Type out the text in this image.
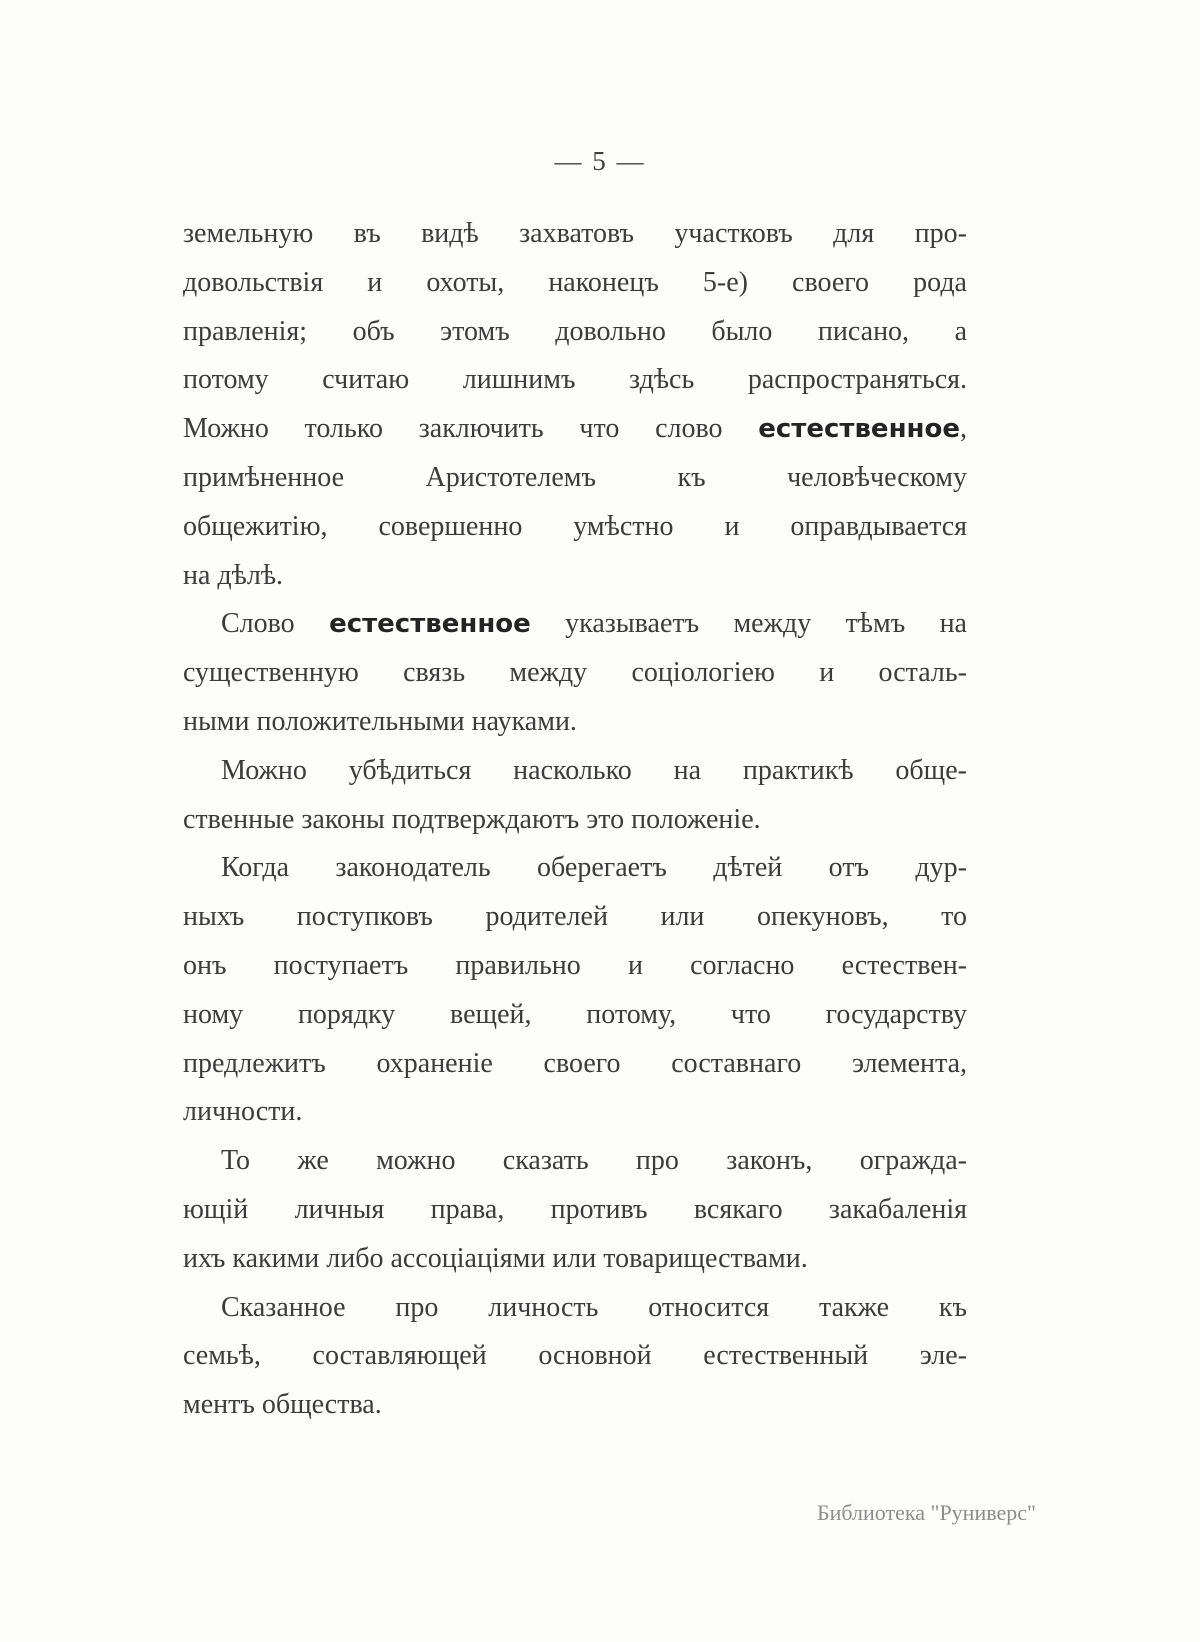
— 5 —
земельную въ видѣ захватовъ участковъ для про-
довольствія и охоты, наконецъ 5-е) своего рода
правленія; объ этомъ довольно было писано, а
потому считаю лишнимъ здѣсь распространяться.
Можно только заключить что слово естественное,
примѣненное Аристотелемъ къ человѣческому
общежитію, совершенно умѣстно и оправдывается
на дѣлѣ.
Слово естественное указываетъ между тѣмъ на
существенную связь между соціологіею и осталь-
ными положительными науками.
Можно убѣдиться насколько на практикѣ обще-
ственные законы подтверждаютъ это положеніе.
Когда законодатель оберегаетъ дѣтей отъ дур-
ныхъ поступковъ родителей или опекуновъ, то
онъ поступаетъ правильно и согласно естествен-
ному порядку вещей, потому, что государству
предлежитъ охраненіе своего составнаго элемента,
личности.
То же можно сказать про законъ, огражда-
ющій личныя права, противъ всякаго закабаленія
ихъ какими либо ассоціаціями или товариществами.
Сказанное про личность относится также къ
семьѣ, составляющей основной естественный эле-
ментъ общества.
Библиотека "Руниверс"
